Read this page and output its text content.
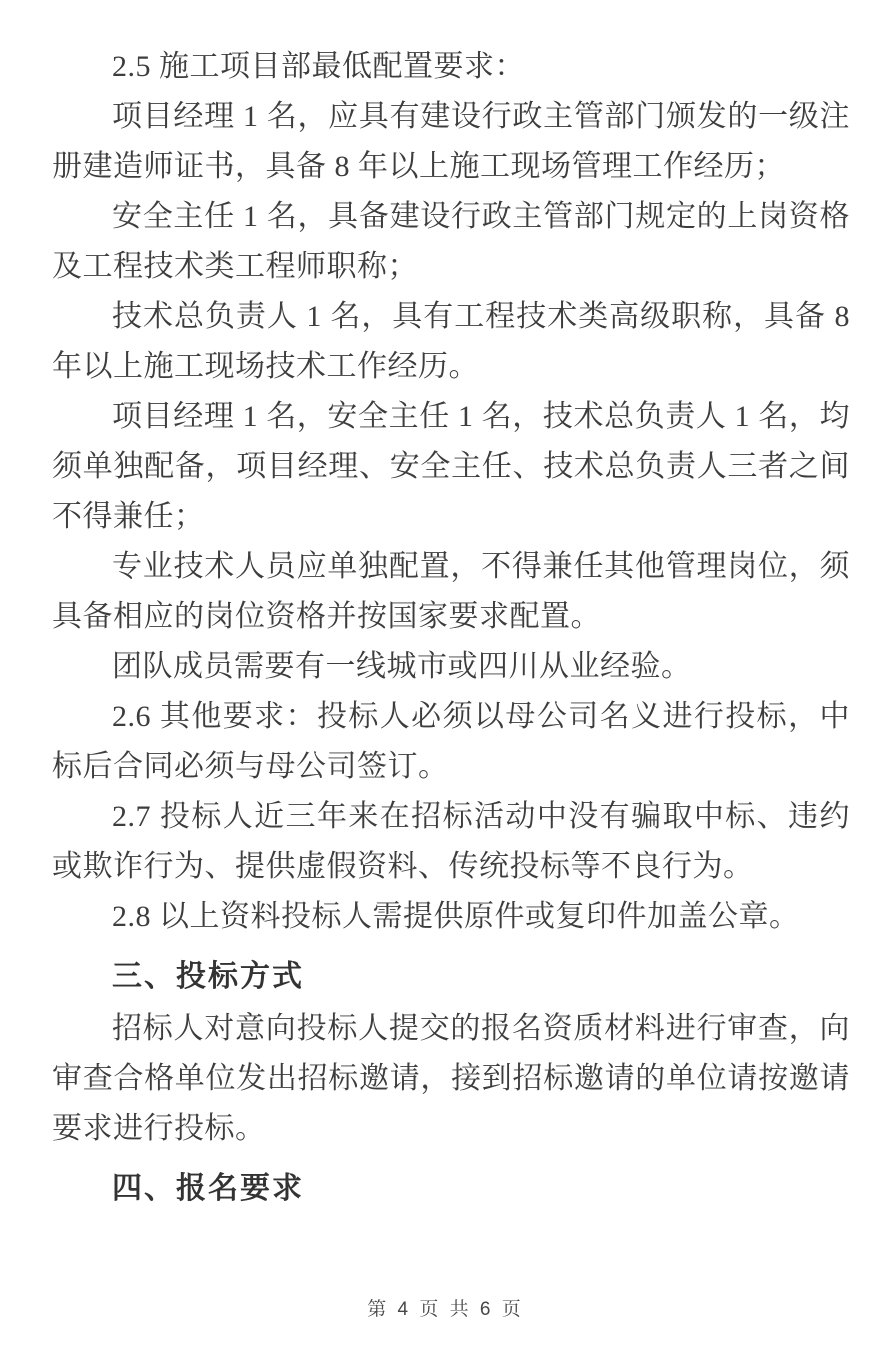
2.5 施工项目部最低配置要求：

项目经理 1 名，应具有建设行政主管部门颁发的一级注册建造师证书，具备 8 年以上施工现场管理工作经历；

安全主任 1 名，具备建设行政主管部门规定的上岗资格及工程技术类工程师职称；

技术总负责人 1 名，具有工程技术类高级职称，具备 8 年以上施工现场技术工作经历。

项目经理 1 名，安全主任 1 名，技术总负责人 1 名，均须单独配备，项目经理、安全主任、技术总负责人三者之间不得兼任；

专业技术人员应单独配置，不得兼任其他管理岗位，须具备相应的岗位资格并按国家要求配置。

团队成员需要有一线城市或四川从业经验。

2.6 其他要求：投标人必须以母公司名义进行投标，中标后合同必须与母公司签订。

2.7 投标人近三年来在招标活动中没有骗取中标、违约或欺诈行为、提供虚假资料、传统投标等不良行为。

2.8 以上资料投标人需提供原件或复印件加盖公章。

三、投标方式

招标人对意向投标人提交的报名资质材料进行审查，向审查合格单位发出招标邀请，接到招标邀请的单位请按邀请要求进行投标。

四、报名要求

第 4 页 共 6 页
